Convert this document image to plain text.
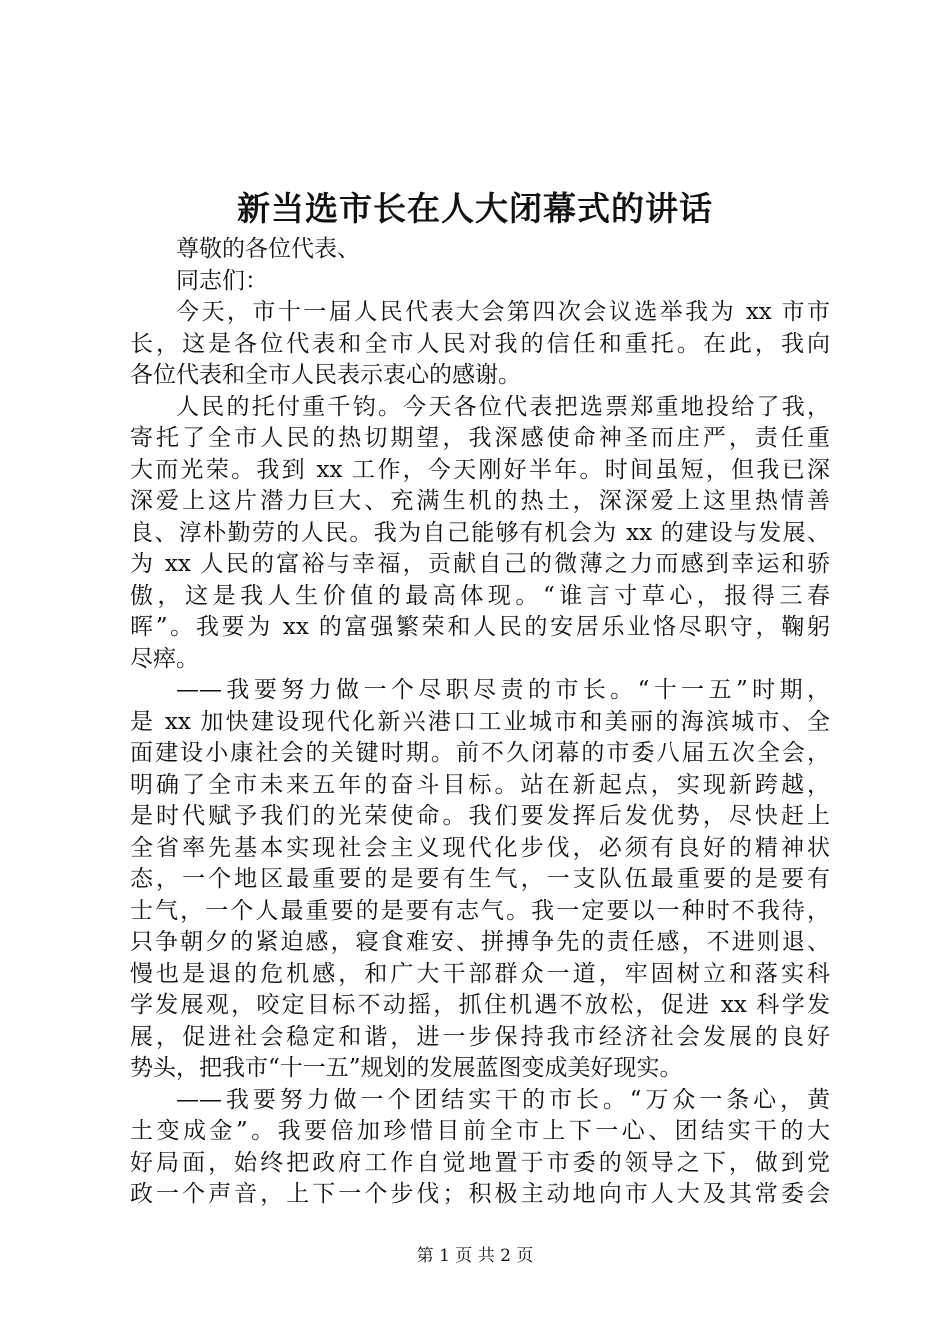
新当选市长在人大闭幕式的讲话
尊敬的各位代表、
同志们：
今天，市十一届人民代表大会第四次会议选举我为 xx 市市
长，这是各位代表和全市人民对我的信任和重托。在此，我向
各位代表和全市人民表示衷心的感谢。
人民的托付重千钧。今天各位代表把选票郑重地投给了我，
寄托了全市人民的热切期望，我深感使命神圣而庄严，责任重
大而光荣。我到 xx 工作，今天刚好半年。时间虽短，但我已深
深爱上这片潜力巨大、充满生机的热土，深深爱上这里热情善
良、淳朴勤劳的人民。我为自己能够有机会为 xx 的建设与发展、
为 xx 人民的富裕与幸福，贡献自己的微薄之力而感到幸运和骄
傲，这是我人生价值的最高体现。“谁言寸草心，报得三春
晖”。我要为 xx 的富强繁荣和人民的安居乐业恪尽职守，鞠躬
尽瘁。
——我要努力做一个尽职尽责的市长。“十一五”时期，
是 xx 加快建设现代化新兴港口工业城市和美丽的海滨城市、全
面建设小康社会的关键时期。前不久闭幕的市委八届五次全会，
明确了全市未来五年的奋斗目标。站在新起点，实现新跨越，
是时代赋予我们的光荣使命。我们要发挥后发优势，尽快赶上
全省率先基本实现社会主义现代化步伐，必须有良好的精神状
态，一个地区最重要的是要有生气，一支队伍最重要的是要有
士气，一个人最重要的是要有志气。我一定要以一种时不我待，
只争朝夕的紧迫感，寝食难安、拼搏争先的责任感，不进则退、
慢也是退的危机感，和广大干部群众一道，牢固树立和落实科
学发展观，咬定目标不动摇，抓住机遇不放松，促进 xx 科学发
展，促进社会稳定和谐，进一步保持我市经济社会发展的良好
势头，把我市“十一五”规划的发展蓝图变成美好现实。
——我要努力做一个团结实干的市长。“万众一条心，黄
土变成金”。我要倍加珍惜目前全市上下一心、团结实干的大
好局面，始终把政府工作自觉地置于市委的领导之下，做到党
政一个声音，上下一个步伐；积极主动地向市人大及其常委会
第 1 页 共 2 页
